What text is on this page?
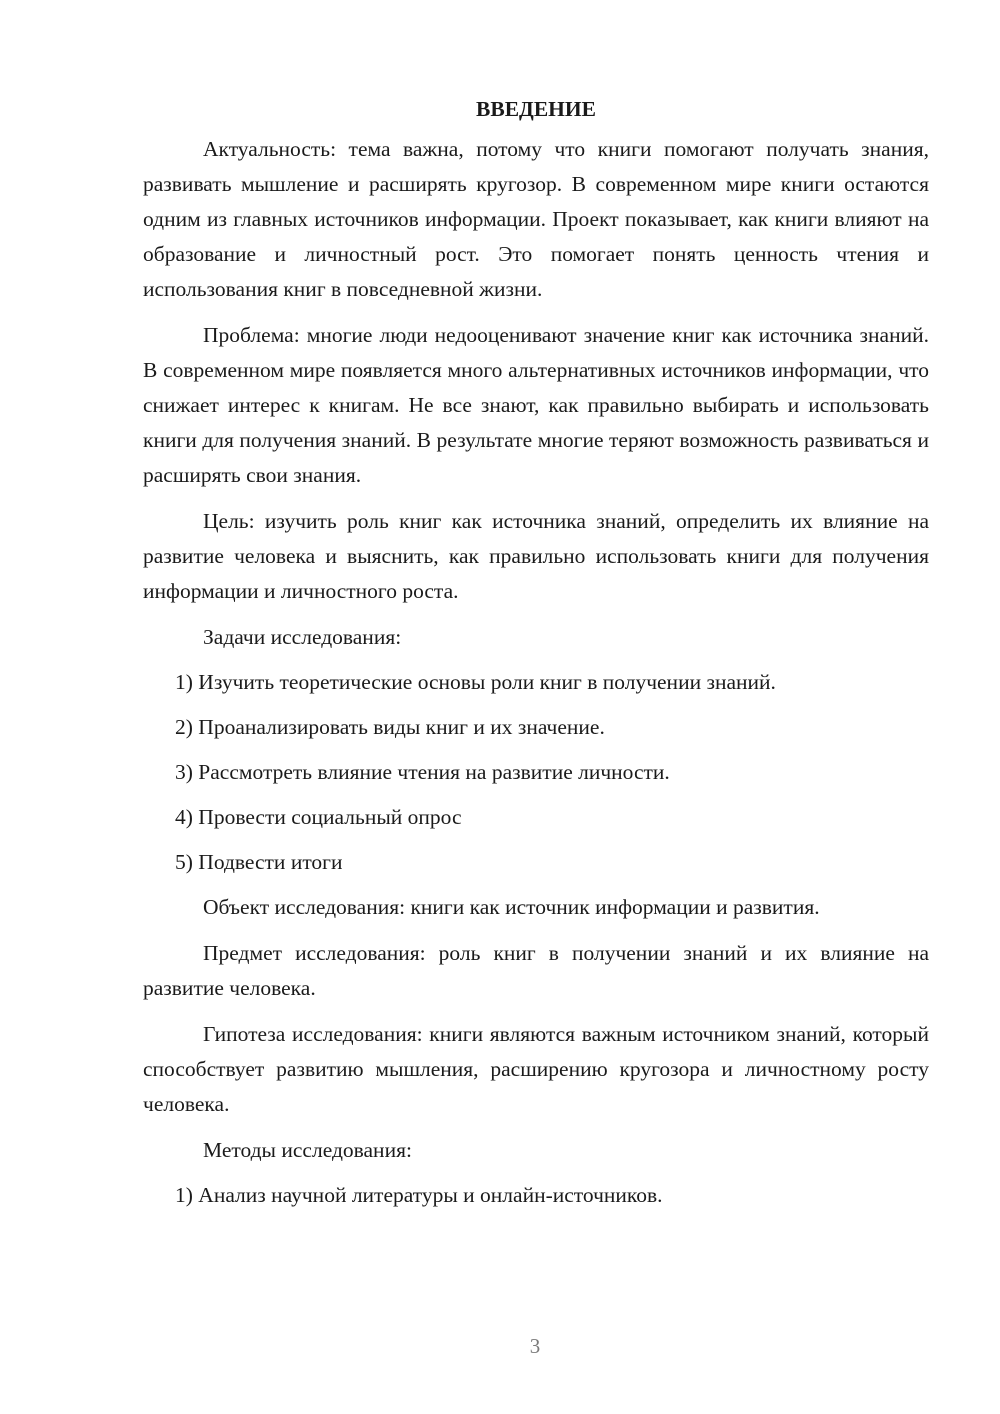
ВВЕДЕНИЕ

Актуальность: тема важна, потому что книги помогают получать знания, развивать мышление и расширять кругозор. В современном мире книги остаются одним из главных источников информации. Проект показывает, как книги влияют на образование и личностный рост. Это помогает понять ценность чтения и использования книг в повседневной жизни.

Проблема: многие люди недооценивают значение книг как источника знаний. В современном мире появляется много альтернативных источников информации, что снижает интерес к книгам. Не все знают, как правильно выбирать и использовать книги для получения знаний. В результате многие теряют возможность развиваться и расширять свои знания.

Цель: изучить роль книг как источника знаний, определить их влияние на развитие человека и выяснить, как правильно использовать книги для получения информации и личностного роста.

Задачи исследования:
1) Изучить теоретические основы роли книг в получении знаний.
2) Проанализировать виды книг и их значение.
3) Рассмотреть влияние чтения на развитие личности.
4) Провести социальный опрос
5) Подвести итоги

Объект исследования: книги как источник информации и развития.

Предмет исследования: роль книг в получении знаний и их влияние на развитие человека.

Гипотеза исследования: книги являются важным источником знаний, который способствует развитию мышления, расширению кругозора и личностному росту человека.

Методы исследования:
1) Анализ научной литературы и онлайн-источников.
3
